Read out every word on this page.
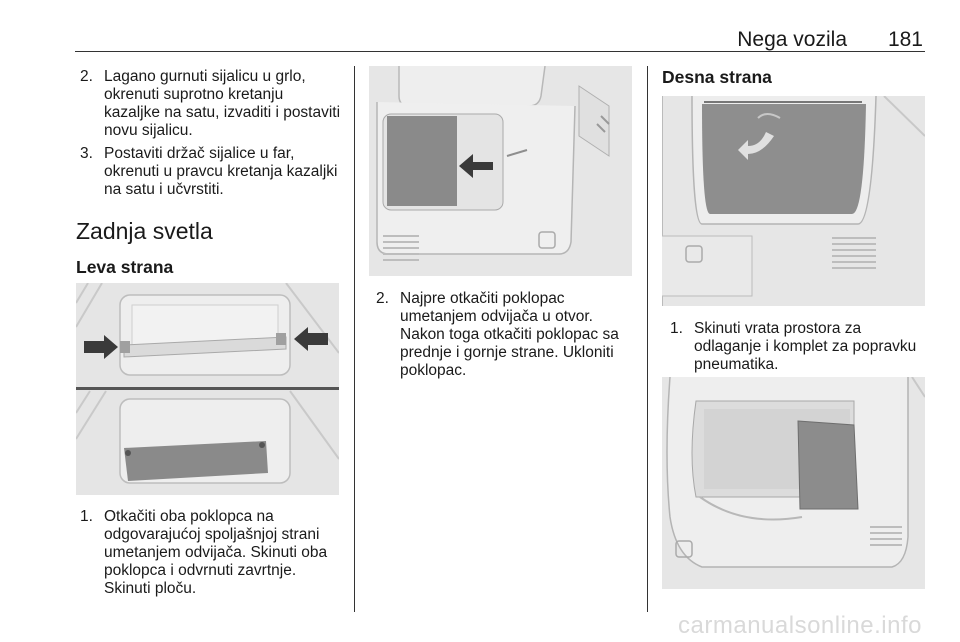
Nega vozila 181
2. Lagano gurnuti sijalicu u grlo,
okrenuti suprotno kretanju
kazaljke na satu, izvaditi i postaviti
novu sijalicu.
3. Postaviti držač sijalice u far,
okrenuti u pravcu kretanja kazaljki
na satu i učvrstiti.
Zadnja svetla
Leva strana
1. Otkačiti oba poklopca na
odgovarajućoj spoljašnjoj strani
umetanjem odvijača. Skinuti oba
poklopca i odvrnuti zavrtnje.
Skinuti ploču.
2. Najpre otkačiti poklopac
umetanjem odvijača u otvor.
Nakon toga otkačiti poklopac sa
prednje i gornje strane. Ukloniti
poklopac.
Desna strana
1. Skinuti vrata prostora za
odlaganje i komplet za popravku
pneumatika.
carmanualsonline.info
